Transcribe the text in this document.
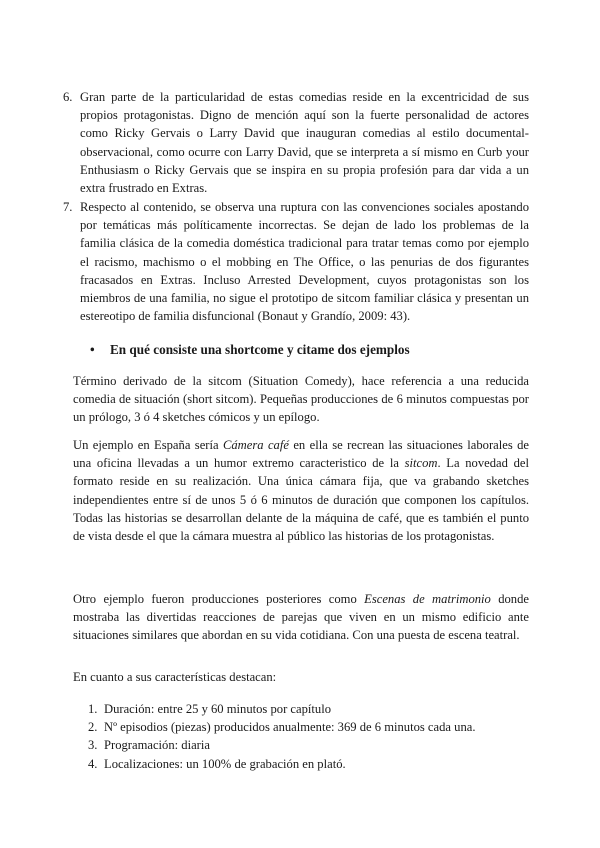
6. Gran parte de la particularidad de estas comedias reside en la excentricidad de sus propios protagonistas. Digno de mención aquí son la fuerte personalidad de actores como Ricky Gervais o Larry David que inauguran comedias al estilo documental-observacional, como ocurre con Larry David, que se interpreta a sí mismo en Curb your Enthusiasm o Ricky Gervais que se inspira en su propia profesión para dar vida a un extra frustrado en Extras.
7. Respecto al contenido, se observa una ruptura con las convenciones sociales apostando por temáticas más políticamente incorrectas. Se dejan de lado los problemas de la familia clásica de la comedia doméstica tradicional para tratar temas como por ejemplo el racismo, machismo o el mobbing en The Office, o las penurias de dos figurantes fracasados en Extras. Incluso Arrested Development, cuyos protagonistas son los miembros de una familia, no sigue el prototipo de sitcom familiar clásica y presentan un estereotipo de familia disfuncional (Bonaut y Grandío, 2009: 43).
• En qué consiste una shortcome y citame dos ejemplos
Término derivado de la sitcom (Situation Comedy), hace referencia a una reducida comedia de situación (short sitcom). Pequeñas producciones de 6 minutos compuestas por un prólogo, 3 ó 4 sketches cómicos y un epílogo.
Un ejemplo en España sería Cámera café en ella se recrean las situaciones laborales de una oficina llevadas a un humor extremo caracteristico de la sitcom. La novedad del formato reside en su realización. Una única cámara fija, que va grabando sketches independientes entre sí de unos 5 ó 6 minutos de duración que componen los capítulos. Todas las historias se desarrollan delante de la máquina de café, que es también el punto de vista desde el que la cámara muestra al público las historias de los protagonistas.
Otro ejemplo fueron producciones posteriores como Escenas de matrimonio donde mostraba las divertidas reacciones de parejas que viven en un mismo edificio ante situaciones similares que abordan en su vida cotidiana. Con una puesta de escena teatral.
En cuanto a sus características destacan:
1. Duración: entre 25 y 60 minutos por capítulo
2. Nº episodios (piezas) producidos anualmente: 369 de 6 minutos cada una.
3. Programación: diaria
4. Localizaciones: un 100% de grabación en plató.
